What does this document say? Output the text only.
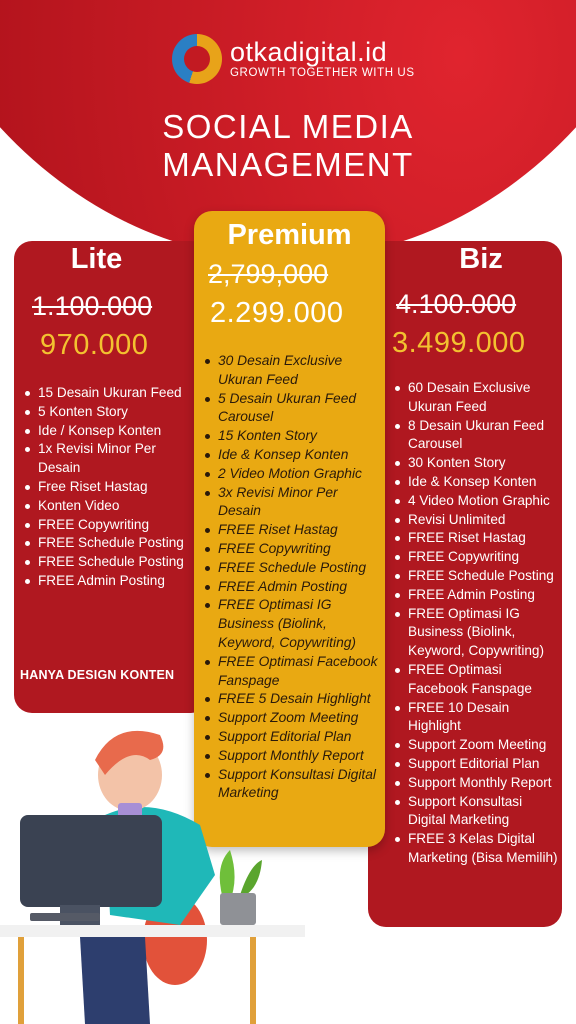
otkadigital.id
GROWTH TOGETHER WITH US
SOCIAL MEDIA
MANAGEMENT
Lite
1.100.000
970.000
15 Desain Ukuran Feed
5 Konten Story
Ide / Konsep Konten
1x Revisi Minor Per Desain
Free Riset Hastag
Konten Video
FREE Copywriting
FREE Schedule Posting
FREE Schedule Posting
FREE Admin Posting
HANYA DESIGN KONTEN
Biz
4.100.000
3.499.000
60 Desain Exclusive Ukuran Feed
8 Desain Ukuran Feed Carousel
30 Konten Story
Ide & Konsep Konten
4 Video Motion Graphic
Revisi Unlimited
FREE Riset Hastag
FREE Copywriting
FREE Schedule Posting
FREE Admin Posting
FREE Optimasi IG Business (Biolink, Keyword, Copywriting)
FREE Optimasi Facebook Fanspage
FREE 10 Desain Highlight
Support Zoom Meeting
Support Editorial Plan
Support Monthly Report
Support Konsultasi Digital Marketing
FREE 3 Kelas Digital Marketing (Bisa Memilih)
Premium
2,799,000
2.299.000
30 Desain Exclusive Ukuran Feed
5 Desain Ukuran Feed Carousel
15 Konten Story
Ide & Konsep Konten
2 Video Motion Graphic
3x Revisi Minor Per Desain
FREE Riset Hastag
FREE Copywriting
FREE Schedule Posting
FREE Admin Posting
FREE Optimasi IG Business (Biolink, Keyword, Copywriting)
FREE Optimasi Facebook Fanspage
FREE 5 Desain Highlight
Support Zoom Meeting
Support Editorial Plan
Support Monthly Report
Support Konsultasi Digital Marketing
